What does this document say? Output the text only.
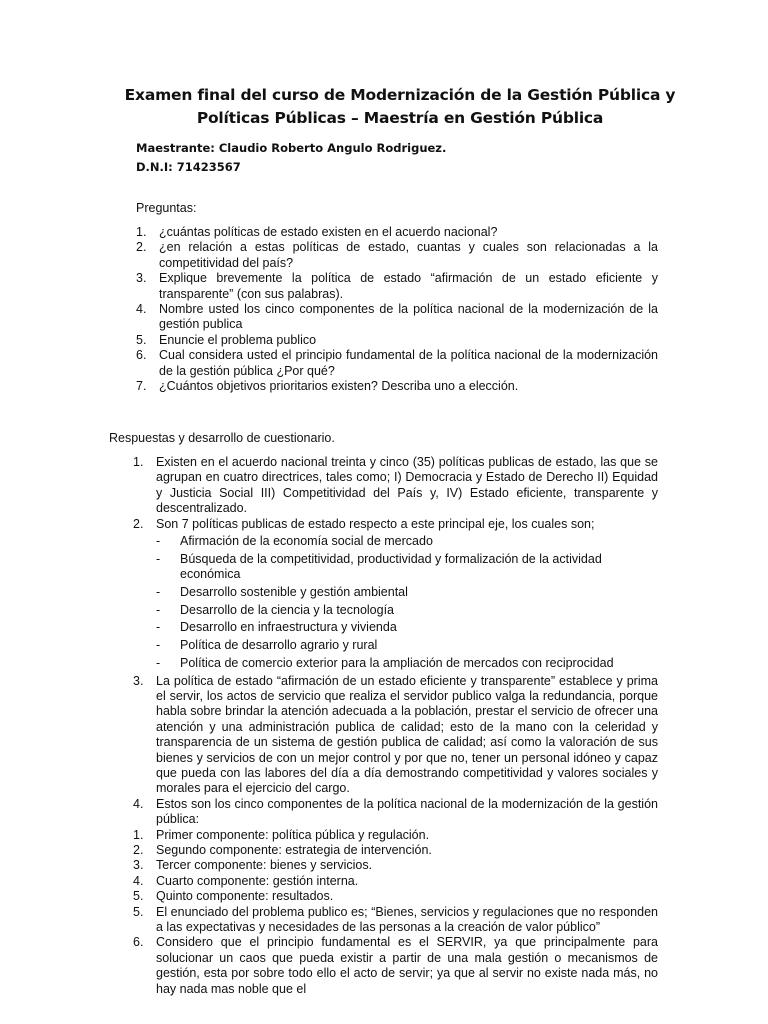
Examen final del curso de Modernización de la Gestión Pública y Políticas Públicas – Maestría en Gestión Pública
Maestrante: Claudio Roberto Angulo Rodriguez.
D.N.I: 71423567
Preguntas:
1.	¿cuántas políticas de estado existen en el acuerdo nacional?
2.	¿en relación a estas políticas de estado, cuantas y cuales son relacionadas a la competitividad del país?
3.	Explique brevemente la política de estado “afirmación de un estado eficiente y transparente” (con sus palabras).
4.	Nombre usted los cinco componentes de la política nacional de la modernización de la gestión publica
5.	Enuncie el problema publico
6.	Cual considera usted el principio fundamental de la política nacional de la modernización de la gestión pública ¿Por qué?
7.	¿Cuántos objetivos prioritarios existen? Describa uno a elección.
Respuestas y desarrollo de cuestionario.
1.	Existen en el acuerdo nacional treinta y cinco (35) políticas publicas de estado, las que se agrupan en cuatro directrices, tales como; I) Democracia y Estado de Derecho II) Equidad y Justicia Social III) Competitividad del País y, IV) Estado eficiente, transparente y descentralizado.
2.	Son 7 políticas publicas de estado respecto a este principal eje, los cuales son;
-	Afirmación de la economía social de mercado
-	Búsqueda de la competitividad, productividad y formalización de la actividad económica
-	Desarrollo sostenible y gestión ambiental
-	Desarrollo de la ciencia y la tecnología
-	Desarrollo en infraestructura y vivienda
-	Política de desarrollo agrario y rural
-	Política de comercio exterior para la ampliación de mercados con reciprocidad
3.	La política de estado “afirmación de un estado eficiente y transparente” establece y prima el servir, los actos de servicio que realiza el servidor publico valga la redundancia, porque habla sobre brindar la atención adecuada a la población, prestar el servicio de ofrecer una atención y una administración publica de calidad; esto de la mano con la celeridad y transparencia de un sistema de gestión publica de calidad; así como la valoración de sus bienes y servicios de con un mejor control y por que no, tener un personal idóneo y capaz que pueda con las labores del día a día demostrando competitividad y valores sociales y morales para el ejercicio del cargo.
4.	Estos son los cinco componentes de la política nacional de la modernización de la gestión pública:
1.	Primer componente: política pública y regulación.
2.	Segundo componente: estrategia de intervención.
3.	Tercer componente: bienes y servicios.
4.	Cuarto componente: gestión interna.
5.	Quinto componente: resultados.
5.	El enunciado del problema publico es; “Bienes, servicios y regulaciones que no responden a las expectativas y necesidades de las personas a la creación de valor público”
6.	Considero que el principio fundamental es el SERVIR, ya que principalmente para solucionar un caos que pueda existir a partir de una mala gestión o mecanismos de gestión, esta por sobre todo ello el acto de servir; ya que al servir no existe nada más, no hay nada mas noble que el
